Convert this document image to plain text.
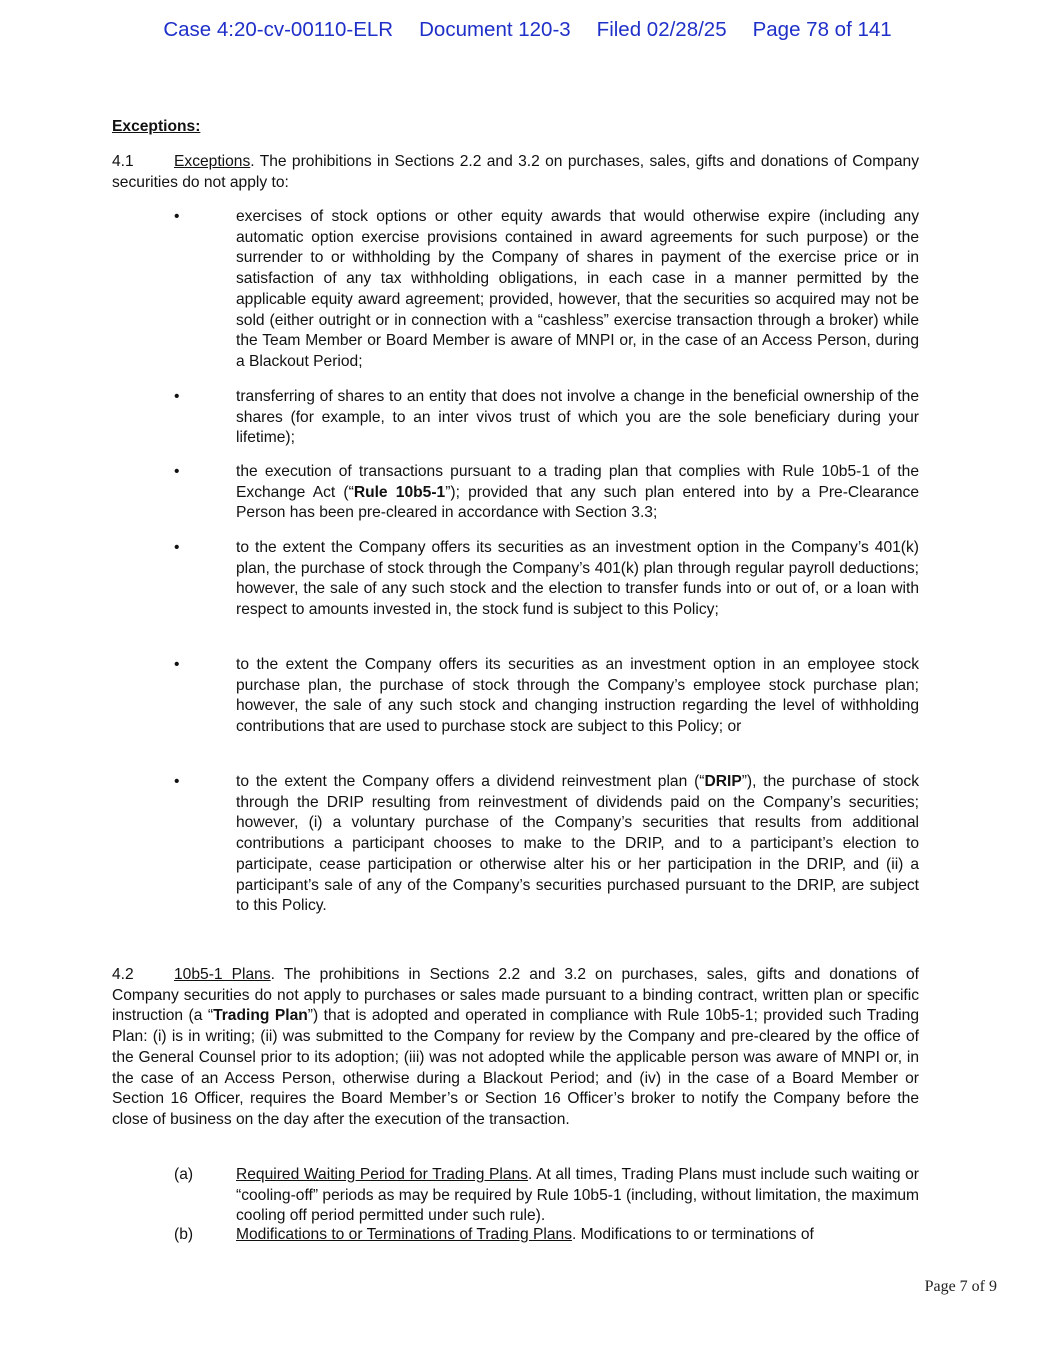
Case 4:20-cv-00110-ELR Document 120-3 Filed 02/28/25 Page 78 of 141
Exceptions:

4.1	Exceptions. The prohibitions in Sections 2.2 and 3.2 on purchases, sales, gifts and donations of Company securities do not apply to:

•	exercises of stock options or other equity awards that would otherwise expire (including any automatic option exercise provisions contained in award agreements for such purpose) or the surrender to or withholding by the Company of shares in payment of the exercise price or in satisfaction of any tax withholding obligations, in each case in a manner permitted by the applicable equity award agreement; provided, however, that the securities so acquired may not be sold (either outright or in connection with a “cashless” exercise transaction through a broker) while the Team Member or Board Member is aware of MNPI or, in the case of an Access Person, during a Blackout Period;
•	transferring of shares to an entity that does not involve a change in the beneficial ownership of the shares (for example, to an inter vivos trust of which you are the sole beneficiary during your lifetime);
•	the execution of transactions pursuant to a trading plan that complies with Rule 10b5-1 of the Exchange Act (“Rule 10b5-1”); provided that any such plan entered into by a Pre-Clearance Person has been pre-cleared in accordance with Section 3.3;
•	to the extent the Company offers its securities as an investment option in the Company’s 401(k) plan, the purchase of stock through the Company’s 401(k) plan through regular payroll deductions; however, the sale of any such stock and the election to transfer funds into or out of, or a loan with respect to amounts invested in, the stock fund is subject to this Policy;
•	to the extent the Company offers its securities as an investment option in an employee stock purchase plan, the purchase of stock through the Company’s employee stock purchase plan; however, the sale of any such stock and changing instruction regarding the level of withholding contributions that are used to purchase stock are subject to this Policy; or
•	to the extent the Company offers a dividend reinvestment plan (“DRIP”), the purchase of stock through the DRIP resulting from reinvestment of dividends paid on the Company’s securities; however, (i) a voluntary purchase of the Company’s securities that results from additional contributions a participant chooses to make to the DRIP, and to a participant’s election to participate, cease participation or otherwise alter his or her participation in the DRIP, and (ii) a participant’s sale of any of the Company’s securities purchased pursuant to the DRIP, are subject to this Policy.

4.2	10b5-1 Plans. The prohibitions in Sections 2.2 and 3.2 on purchases, sales, gifts and donations of Company securities do not apply to purchases or sales made pursuant to a binding contract, written plan or specific instruction (a “Trading Plan”) that is adopted and operated in compliance with Rule 10b5-1; provided such Trading Plan: (i) is in writing; (ii) was submitted to the Company for review by the Company and pre-cleared by the office of the General Counsel prior to its adoption; (iii) was not adopted while the applicable person was aware of MNPI or, in the case of an Access Person, otherwise during a Blackout Period; and (iv) in the case of a Board Member or Section 16 Officer, requires the Board Member’s or Section 16 Officer’s broker to notify the Company before the close of business on the day after the execution of the transaction.

(a)	Required Waiting Period for Trading Plans. At all times, Trading Plans must include such waiting or “cooling-off” periods as may be required by Rule 10b5-1 (including, without limitation, the maximum cooling off period permitted under such rule).
(b)	Modifications to or Terminations of Trading Plans. Modifications to or terminations of
Page 7 of 9
